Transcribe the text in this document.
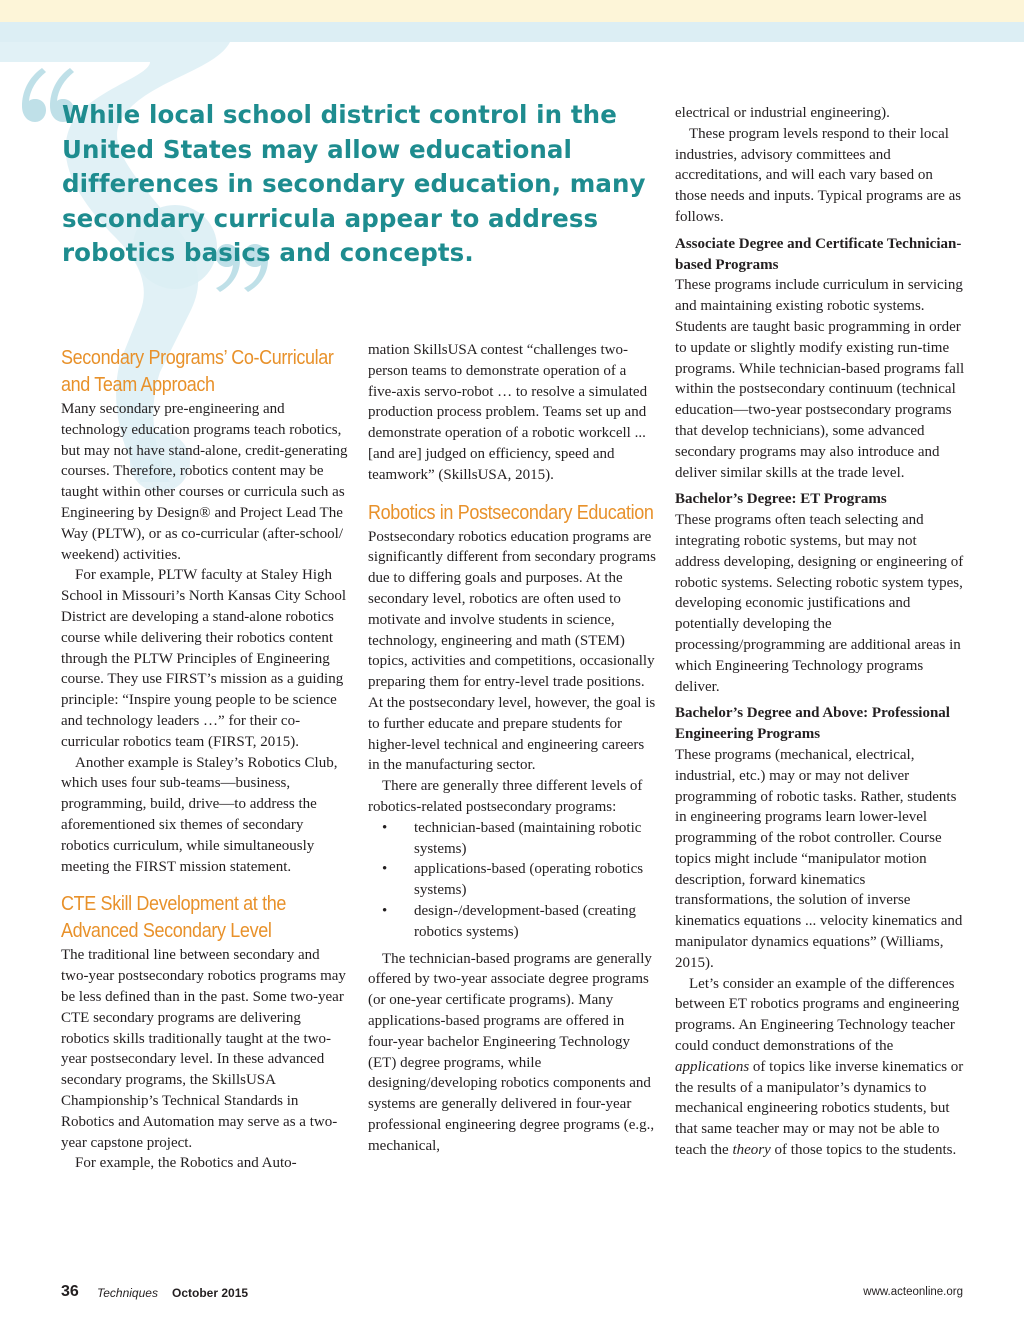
While local school district control in the United States may allow educational differences in secondary education, many secondary curricula appear to address robotics basics and concepts.

Secondary Programs’ Co-Curricular and Team Approach

Many secondary pre-engineering and technology education programs teach robotics, but may not have stand-alone, credit-generating courses. Therefore, robotics content may be taught within other courses or curricula such as Engineering by Design® and Project Lead The Way (PLTW), or as co-curricular (after-school/ weekend) activities.

For example, PLTW faculty at Staley High School in Missouri’s North Kansas City School District are developing a stand-alone robotics course while delivering their robotics content through the PLTW Principles of Engineering course. They use FIRST’s mission as a guiding principle: “Inspire young people to be science and technology leaders …” for their co-curricular robotics team (FIRST, 2015).

Another example is Staley’s Robotics Club, which uses four sub-teams—business, programming, build, drive—to address the aforementioned six themes of secondary robotics curriculum, while simultaneously meeting the FIRST mission statement.

CTE Skill Development at the Advanced Secondary Level

The traditional line between secondary and two-year postsecondary robotics programs may be less defined than in the past. Some two-year CTE secondary programs are delivering robotics skills traditionally taught at the two-year postsecondary level. In these advanced secondary programs, the SkillsUSA Championship’s Technical Standards in Robotics and Automation may serve as a two-year capstone project.

For example, the Robotics and Auto-

mation SkillsUSA contest “challenges two-person teams to demonstrate operation of a five-axis servo-robot … to resolve a simulated production process problem. Teams set up and demonstrate operation of a robotic workcell ... [and are] judged on efficiency, speed and teamwork” (SkillsUSA, 2015).

Robotics in Postsecondary Education

Postsecondary robotics education programs are significantly different from secondary programs due to differing goals and purposes. At the secondary level, robotics are often used to motivate and involve students in science, technology, engineering and math (STEM) topics, activities and competitions, occasionally preparing them for entry-level trade positions. At the postsecondary level, however, the goal is to further educate and prepare students for higher-level technical and engineering careers in the manufacturing sector.

There are generally three different levels of robotics-related postsecondary programs:

• technician-based (maintaining robotic systems)
• applications-based (operating robotics systems)
• design-/development-based (creating robotics systems)

The technician-based programs are generally offered by two-year associate degree programs (or one-year certificate programs). Many applications-based programs are offered in four-year bachelor Engineering Technology (ET) degree programs, while designing/developing robotics components and systems are generally delivered in four-year professional engineering degree programs (e.g., mechanical,

electrical or industrial engineering).

These program levels respond to their local industries, advisory committees and accreditations, and will each vary based on those needs and inputs. Typical programs are as follows.

Associate Degree and Certificate Technician-based Programs

These programs include curriculum in servicing and maintaining existing robotic systems. Students are taught basic programming in order to update or slightly modify existing run-time programs. While technician-based programs fall within the postsecondary continuum (technical education—two-year postsecondary programs that develop technicians), some advanced secondary programs may also introduce and deliver similar skills at the trade level.

Bachelor’s Degree: ET Programs

These programs often teach selecting and integrating robotic systems, but may not address developing, designing or engineering of robotic systems. Selecting robotic system types, developing economic justifications and potentially developing the processing/programming are additional areas in which Engineering Technology programs deliver.

Bachelor’s Degree and Above: Professional Engineering Programs

These programs (mechanical, electrical, industrial, etc.) may or may not deliver programming of robotic tasks. Rather, students in engineering programs learn lower-level programming of the robot controller. Course topics might include “manipulator motion description, forward kinematics transformations, the solution of inverse kinematics equations ... velocity kinematics and manipulator dynamics equations” (Williams, 2015).

Let’s consider an example of the differences between ET robotics programs and engineering programs. An Engineering Technology teacher could conduct demonstrations of the applications of topics like inverse kinematics or the results of a manipulator’s dynamics to mechanical engineering robotics students, but that same teacher may or may not be able to teach the theory of those topics to the students.

36 Techniques October 2015	www.acteonline.org
